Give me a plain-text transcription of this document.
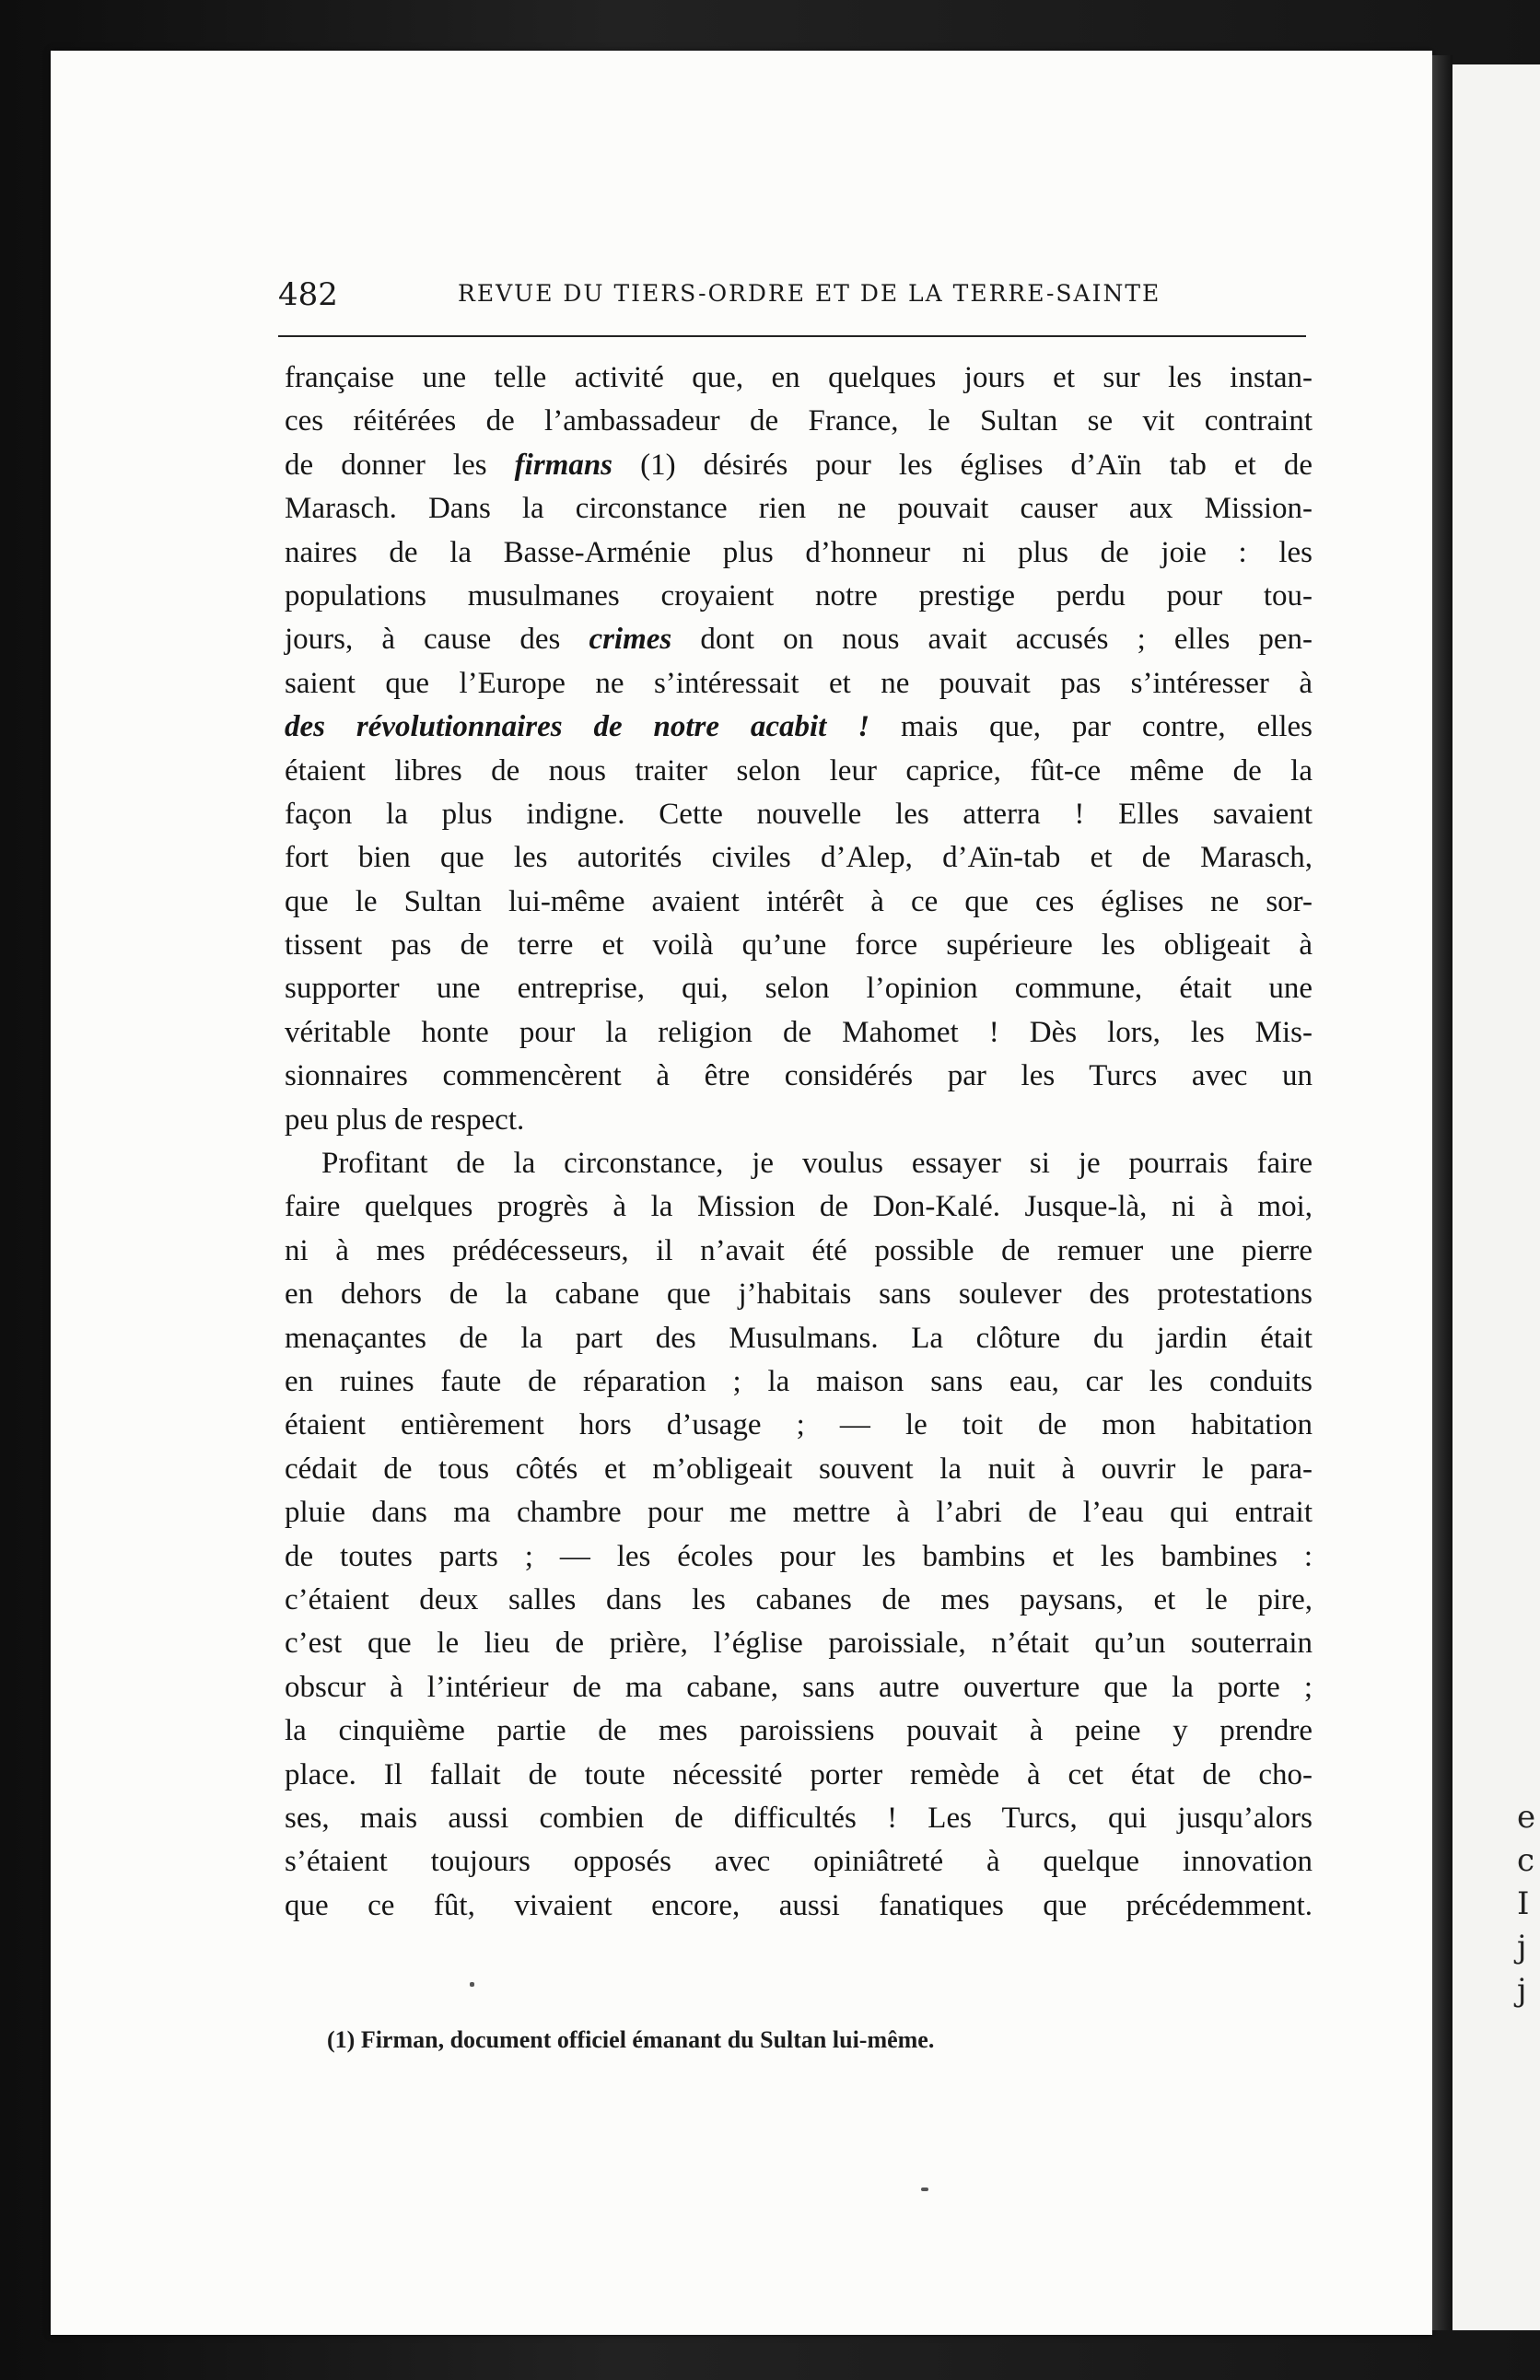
e
c
I
j
j
482	REVUE DU TIERS-ORDRE ET DE LA TERRE-SAINTE
française une telle activité que, en quelques jours et sur les instan-
ces réitérées de l’ambassadeur de France, le Sultan se vit contraint
de donner les firmans (1) désirés pour les églises d’Aïn tab et de
Marasch. Dans la circonstance rien ne pouvait causer aux Mission-
naires de la Basse-Arménie plus d’honneur ni plus de joie : les
populations musulmanes croyaient notre prestige perdu pour tou-
jours, à cause des crimes dont on nous avait accusés ; elles pen-
saient que l’Europe ne s’intéressait et ne pouvait pas s’intéresser à
des révolutionnaires de notre acabit ! mais que, par contre, elles
étaient libres de nous traiter selon leur caprice, fût-ce même de la
façon la plus indigne. Cette nouvelle les atterra ! Elles savaient
fort bien que les autorités civiles d’Alep, d’Aïn-tab et de Marasch,
que le Sultan lui-même avaient intérêt à ce que ces églises ne sor-
tissent pas de terre et voilà qu’une force supérieure les obligeait à
supporter une entreprise, qui, selon l’opinion commune, était une
véritable honte pour la religion de Mahomet ! Dès lors, les Mis-
sionnaires commencèrent à être considérés par les Turcs avec un
peu plus de respect.
Profitant de la circonstance, je voulus essayer si je pourrais faire
faire quelques progrès à la Mission de Don-Kalé. Jusque-là, ni à moi,
ni à mes prédécesseurs, il n’avait été possible de remuer une pierre
en dehors de la cabane que j’habitais sans soulever des protestations
menaçantes de la part des Musulmans. La clôture du jardin était
en ruines faute de réparation ; la maison sans eau, car les conduits
étaient entièrement hors d’usage ; — le toit de mon habitation
cédait de tous côtés et m’obligeait souvent la nuit à ouvrir le para-
pluie dans ma chambre pour me mettre à l’abri de l’eau qui entrait
de toutes parts ; — les écoles pour les bambins et les bambines :
c’étaient deux salles dans les cabanes de mes paysans, et le pire,
c’est que le lieu de prière, l’église paroissiale, n’était qu’un souterrain
obscur à l’intérieur de ma cabane, sans autre ouverture que la porte ;
la cinquième partie de mes paroissiens pouvait à peine y prendre
place. Il fallait de toute nécessité porter remède à cet état de cho-
ses, mais aussi combien de difficultés ! Les Turcs, qui jusqu’alors
s’étaient toujours opposés avec opiniâtreté à quelque innovation
que ce fût, vivaient encore, aussi fanatiques que précédemment.
(1) Firman, document officiel émanant du Sultan lui-même.
